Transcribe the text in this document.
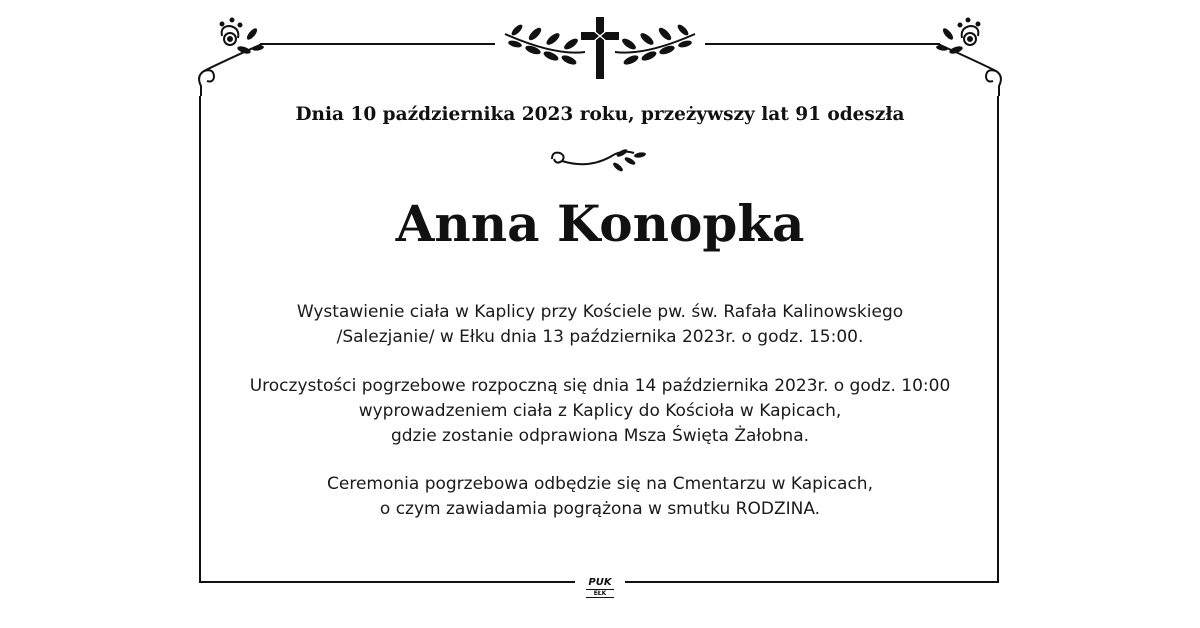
Dnia 10 października 2023 roku, przeżywszy lat 91 odeszła
Anna Konopka
Wystawienie ciała w Kaplicy przy Kościele pw. św. Rafała Kalinowskiego
/Salezjanie/ w Ełku dnia 13 października 2023r. o godz. 15:00.
Uroczystości pogrzebowe rozpoczną się dnia 14 października 2023r. o godz. 10:00
wyprowadzeniem ciała z Kaplicy do Kościoła w Kapicach,
gdzie zostanie odprawiona Msza Święta Żałobna.
Ceremonia pogrzebowa odbędzie się na Cmentarzu w Kapicach,
o czym zawiadamia pogrążona w smutku RODZINA.
PUK
EŁK
